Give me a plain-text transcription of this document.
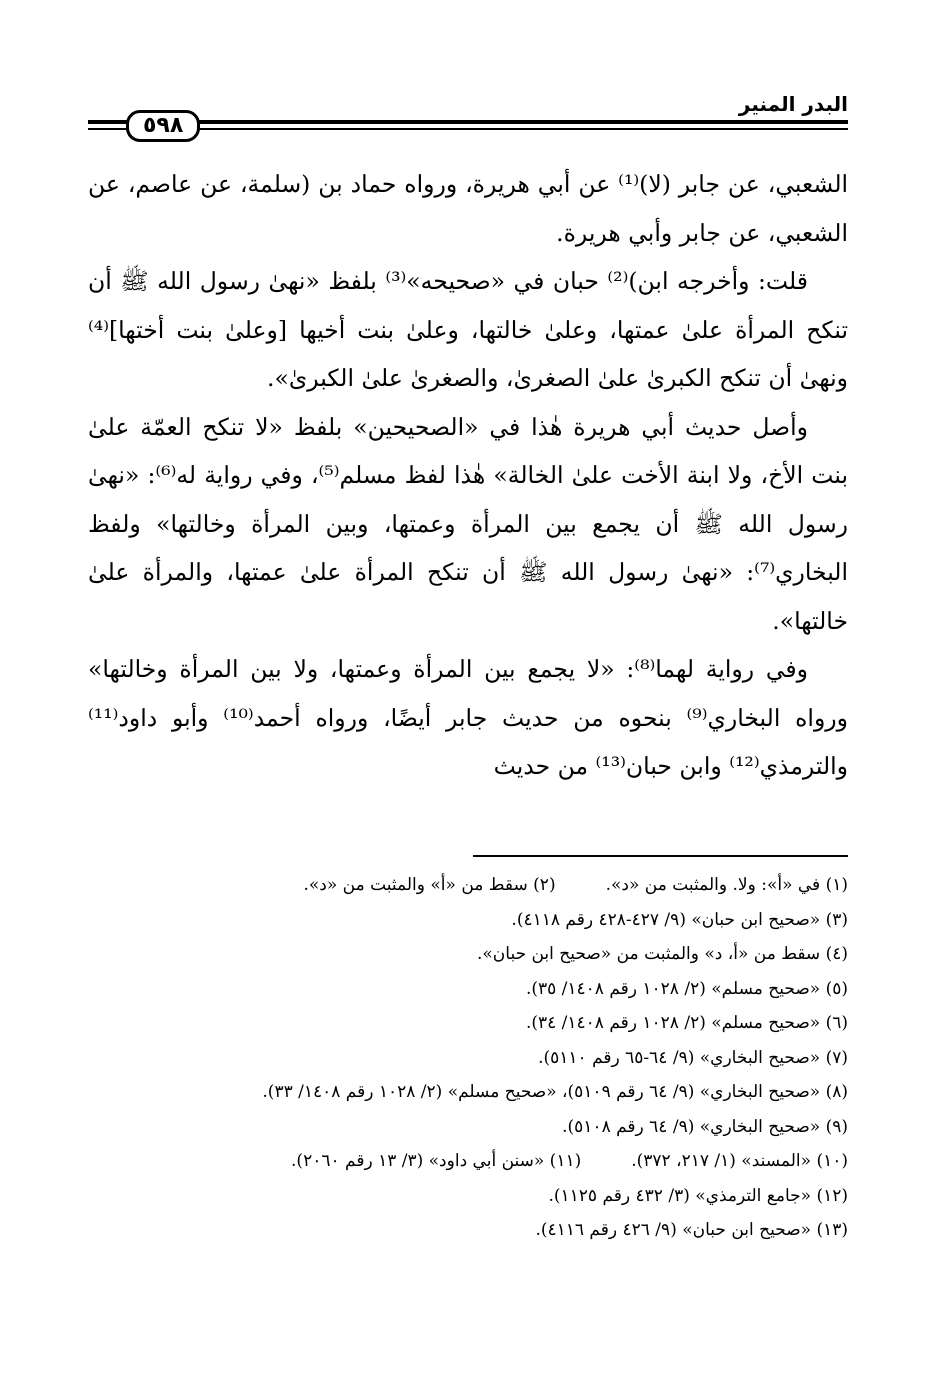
البدر المنير
٥٩٨

الشعبي، عن جابر (لا)⁽¹⁾ عن أبي هريرة، ورواه حماد بن (سلمة، عن عاصم، عن الشعبي، عن جابر وأبي هريرة.

قلت: وأخرجه ابن)⁽²⁾ حبان في «صحيحه»⁽³⁾ بلفظ «نهىٰ رسول الله ﷺ أن تنكح المرأة علىٰ عمتها، وعلىٰ خالتها، وعلىٰ بنت أخيها [وعلىٰ بنت أختها]⁽⁴⁾ ونهىٰ أن تنكح الكبرىٰ علىٰ الصغرىٰ، والصغرىٰ علىٰ الكبرىٰ».

وأصل حديث أبي هريرة هٰذا في «الصحيحين» بلفظ «لا تنكح العمّة علىٰ بنت الأخ، ولا ابنة الأخت علىٰ الخالة» هٰذا لفظ مسلم⁽⁵⁾، وفي رواية له⁽⁶⁾: «نهىٰ رسول الله ﷺ أن يجمع بين المرأة وعمتها، وبين المرأة وخالتها» ولفظ البخاري⁽⁷⁾: «نهىٰ رسول الله ﷺ أن تنكح المرأة علىٰ عمتها، والمرأة علىٰ خالتها».

وفي رواية لهما⁽⁸⁾: «لا يجمع بين المرأة وعمتها، ولا بين المرأة وخالتها» ورواه البخاري⁽⁹⁾ بنحوه من حديث جابر أيضًا، ورواه أحمد⁽¹⁰⁾ وأبو داود⁽¹¹⁾ والترمذي⁽¹²⁾ وابن حبان⁽¹³⁾ من حديث

(١) في «أ»: ولا. والمثبت من «د».(٢) سقط من «أ» والمثبت من «د».
(٣) «صحيح ابن حبان» (٩/ ٤٢٧-٤٢٨ رقم ٤١١٨).
(٤) سقط من «أ، د» والمثبت من «صحيح ابن حبان».
(٥) «صحيح مسلم» (٢/ ١٠٢٨ رقم ١٤٠٨/ ٣٥).
(٦) «صحيح مسلم» (٢/ ١٠٢٨ رقم ١٤٠٨/ ٣٤).
(٧) «صحيح البخاري» (٩/ ٦٤-٦٥ رقم ٥١١٠).
(٨) «صحيح البخاري» (٩/ ٦٤ رقم ٥١٠٩)، «صحيح مسلم» (٢/ ١٠٢٨ رقم ١٤٠٨/ ٣٣).
(٩) «صحيح البخاري» (٩/ ٦٤ رقم ٥١٠٨).
(١٠) «المسند» (١/ ٢١٧، ٣٧٢).(١١) «سنن أبي داود» (٣/ ١٣ رقم ٢٠٦٠).
(١٢) «جامع الترمذي» (٣/ ٤٣٢ رقم ١١٢٥).
(١٣) «صحيح ابن حبان» (٩/ ٤٢٦ رقم ٤١١٦).
